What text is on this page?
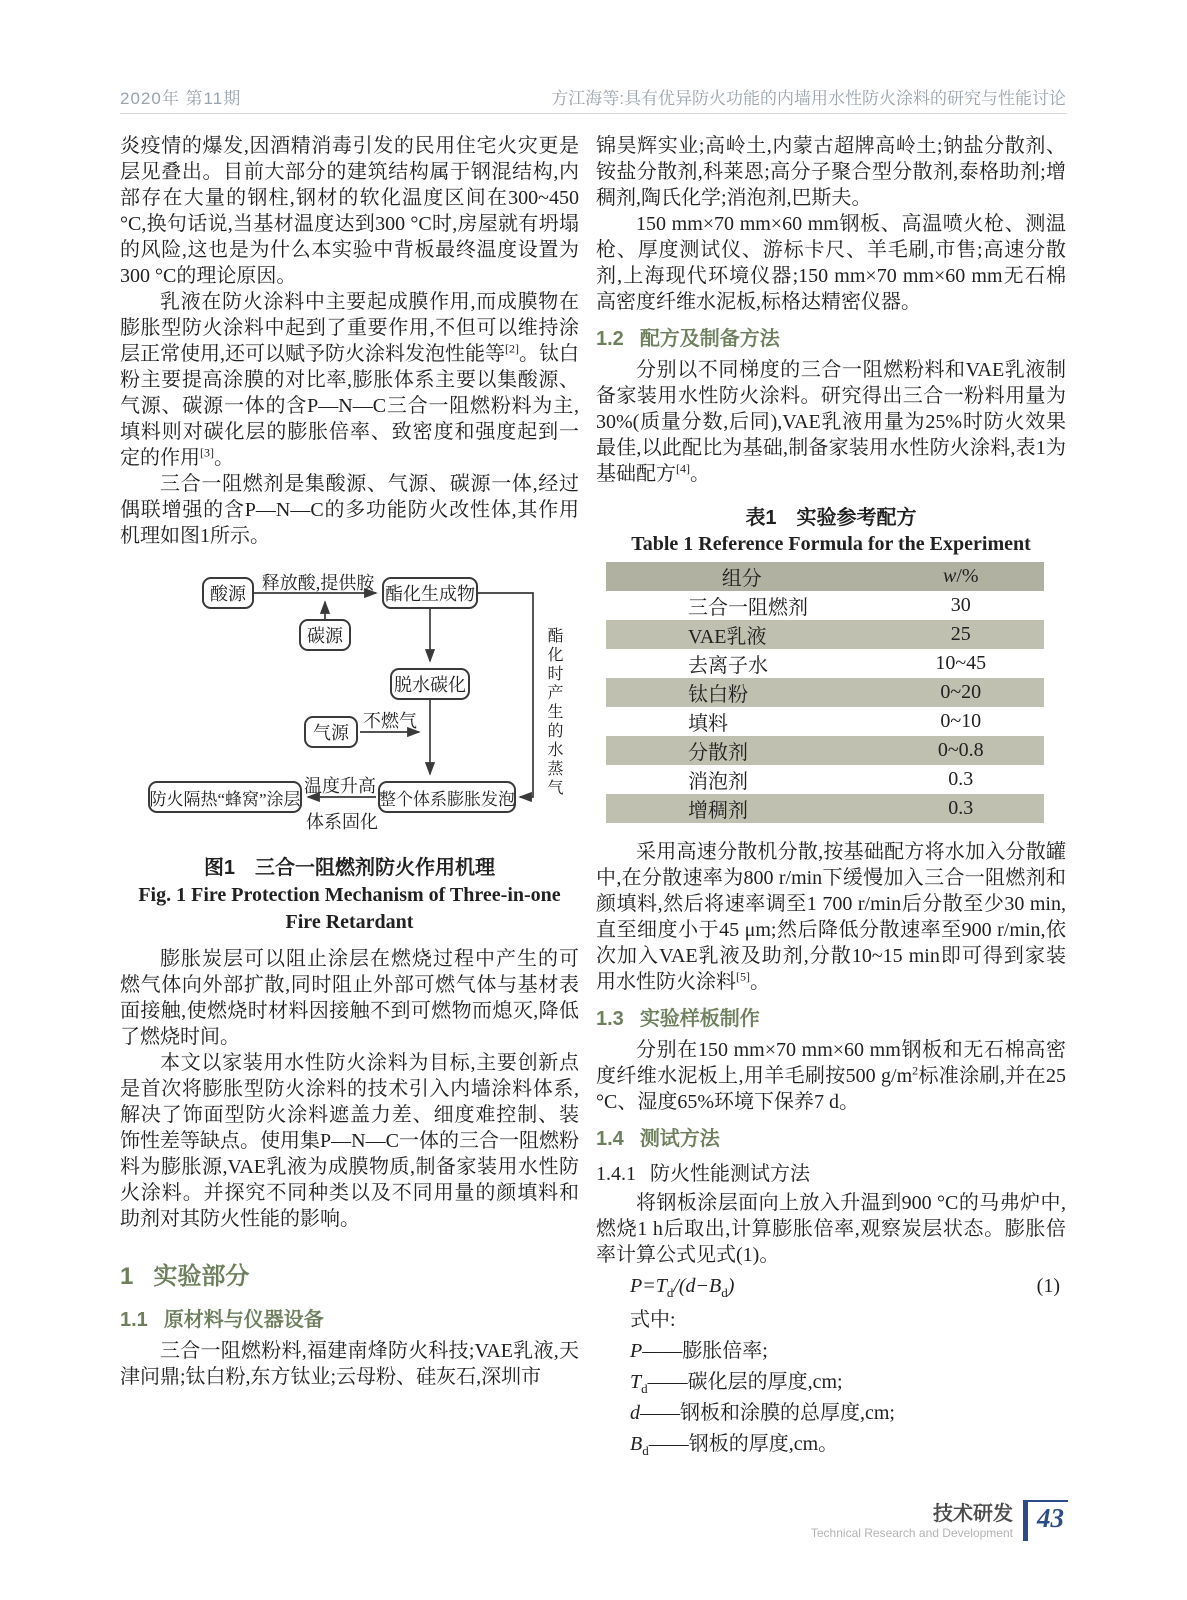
2020年 第11期	方江海等:具有优异防火功能的内墙用水性防火涂料的研究与性能讨论

炎疫情的爆发,因酒精消毒引发的民用住宅火灾更是层见叠出。目前大部分的建筑结构属于钢混结构,内部存在大量的钢柱,钢材的软化温度区间在300~450 °C,换句话说,当基材温度达到300 °C时,房屋就有坍塌的风险,这也是为什么本实验中背板最终温度设置为300 °C的理论原因。

乳液在防火涂料中主要起成膜作用,而成膜物在膨胀型防火涂料中起到了重要作用,不但可以维持涂层正常使用,还可以赋予防火涂料发泡性能等[2]。钛白粉主要提高涂膜的对比率,膨胀体系主要以集酸源、气源、碳源一体的含P—N—C三合一阻燃粉料为主,填料则对碳化层的膨胀倍率、致密度和强度起到一定的作用[3]。

三合一阻燃剂是集酸源、气源、碳源一体,经过偶联增强的含P—N—C的多功能防火改性体,其作用机理如图1所示。

酸源	酯化生成物
碳源
脱水碳化
气源
整个体系膨胀发泡
防火隔热“蜂窝”涂层
释放酸,提供胺
不燃气
温度升高
体系固化
酯化时产生的水蒸气

图1　三合一阻燃剂防火作用机理

Fig. 1 Fire Protection Mechanism of Three-in-one Fire Retardant

膨胀炭层可以阻止涂层在燃烧过程中产生的可燃气体向外部扩散,同时阻止外部可燃气体与基材表面接触,使燃烧时材料因接触不到可燃物而熄灭,降低了燃烧时间。

本文以家装用水性防火涂料为目标,主要创新点是首次将膨胀型防火涂料的技术引入内墙涂料体系,解决了饰面型防火涂料遮盖力差、细度难控制、装饰性差等缺点。使用集P—N—C一体的三合一阻燃粉料为膨胀源,VAE乳液为成膜物质,制备家装用水性防火涂料。并探究不同种类以及不同用量的颜填料和助剂对其防火性能的影响。

1 实验部分
1.1 原材料与仪器设备

三合一阻燃粉料,福建南烽防火科技;VAE乳液,天津问鼎;钛白粉,东方钛业;云母粉、硅灰石,深圳市

锦昊辉实业;高岭土,内蒙古超牌高岭土;钠盐分散剂、铵盐分散剂,科莱恩;高分子聚合型分散剂,泰格助剂;增稠剂,陶氏化学;消泡剂,巴斯夫。

150 mm×70 mm×60 mm钢板、高温喷火枪、测温枪、厚度测试仪、游标卡尺、羊毛刷,市售;高速分散剂,上海现代环境仪器;150 mm×70 mm×60 mm无石棉高密度纤维水泥板,标格达精密仪器。

1.2 配方及制备方法

分别以不同梯度的三合一阻燃粉料和VAE乳液制备家装用水性防火涂料。研究得出三合一粉料用量为30%(质量分数,后同),VAE乳液用量为25%时防火效果最佳,以此配比为基础,制备家装用水性防火涂料,表1为基础配方[4]。

表1　实验参考配方

Table 1 Reference Formula for the Experiment

组分	w/%
三合一阻燃剂	30
VAE乳液	25
去离子水	10~45
钛白粉	0~20
填料	0~10
分散剂	0~0.8
消泡剂	0.3
增稠剂	0.3

采用高速分散机分散,按基础配方将水加入分散罐中,在分散速率为800 r/min下缓慢加入三合一阻燃剂和颜填料,然后将速率调至1 700 r/min后分散至少30 min,直至细度小于45 μm;然后降低分散速率至900 r/min,依次加入VAE乳液及助剂,分散10~15 min即可得到家装用水性防火涂料[5]。

1.3 实验样板制作

分别在150 mm×70 mm×60 mm钢板和无石棉高密度纤维水泥板上,用羊毛刷按500 g/m$^2$标准涂刷,并在25 °C、湿度65%环境下保养7 d。

1.4 测试方法
1.4.1 防火性能测试方法

将钢板涂层面向上放入升温到900 °C的马弗炉中,燃烧1 h后取出,计算膨胀倍率,观察炭层状态。膨胀倍率计算公式见式(1)。

$P=T_d/(d-B_d)$	(1)

式中:

P——膨胀倍率;

$T_d——$碳化层的厚度,cm;

d——钢板和涂膜的总厚度,cm;

$B_d——$钢板的厚度,cm。

技术研发
Technical Research and Development 43
